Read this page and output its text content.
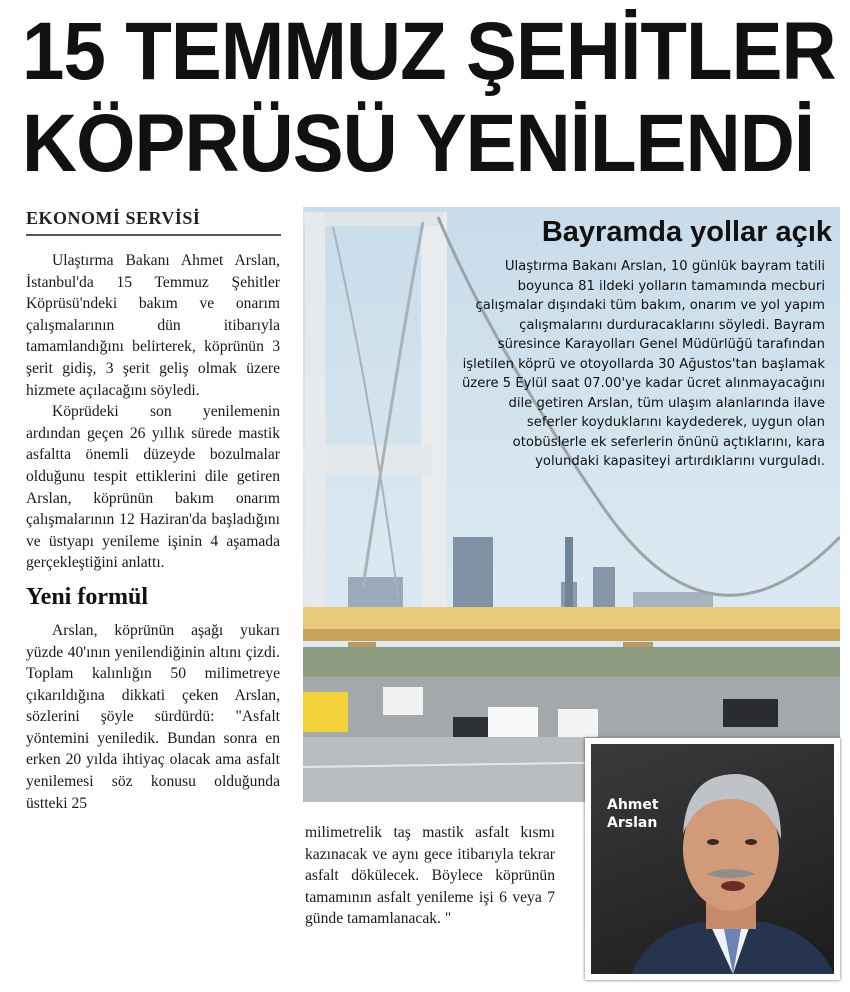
15 TEMMUZ ŞEHİTLER
KÖPRÜSÜ YENİLENDİ
EKONOMİ SERVİSİ

Ulaştırma Bakanı Ahmet Arslan, İstanbul'da 15 Temmuz Şehitler Köprüsü'ndeki bakım ve onarım çalışmalarının dün itibarıyla tamamlandığını belirterek, köprünün 3 şerit gidiş, 3 şerit geliş olmak üzere hizmete açılacağını söyledi.

Köprüdeki son yenilemenin ardından geçen 26 yıllık sürede mastik asfaltta önemli düzeyde bozulmalar olduğunu tespit ettiklerini dile getiren Arslan, köprünün bakım onarım çalışmalarının 12 Haziran'da başladığını ve üstyapı yenileme işinin 4 aşamada gerçekleştiğini anlattı.

Yeni formül

Arslan, köprünün aşağı yukarı yüzde 40'ının yenilendiğinin altını çizdi. Toplam kalınlığın 50 milimetreye çıkarıldığına dikkati çeken Arslan, sözlerini şöyle sürdürdü: "Asfalt yöntemini yeniledik. Bundan sonra en erken 20 yılda ihtiyaç olacak ama asfalt yenilemesi söz konusu olduğunda üstteki 25

milimetrelik taş mastik asfalt kısmı kazınacak ve aynı gece itibarıyla tekrar asfalt dökülecek. Böylece köprünün tamamının asfalt yenileme işi 6 veya 7 günde tamamlanacak. "

Bayramda yollar açık
Ulaştırma Bakanı Arslan, 10 günlük bayram tatili boyunca 81 ildeki yolların tamamında mecburi çalışmalar dışındaki tüm bakım, onarım ve yol yapım çalışmalarını durduracaklarını söyledi. Bayram süresince Karayolları Genel Müdürlüğü tarafından işletilen köprü ve otoyollarda 30 Ağustos'tan başlamak üzere 5 Eylül saat 07.00'ye kadar ücret alınmayacağını dile getiren Arslan, tüm ulaşım alanlarında ilave seferler koyduklarını kaydederek, uygun olan otobüslerle ek seferlerin önünü açtıklarını, kara yolundaki kapasiteyi artırdıklarını vurguladı.
Ahmet
Arslan
